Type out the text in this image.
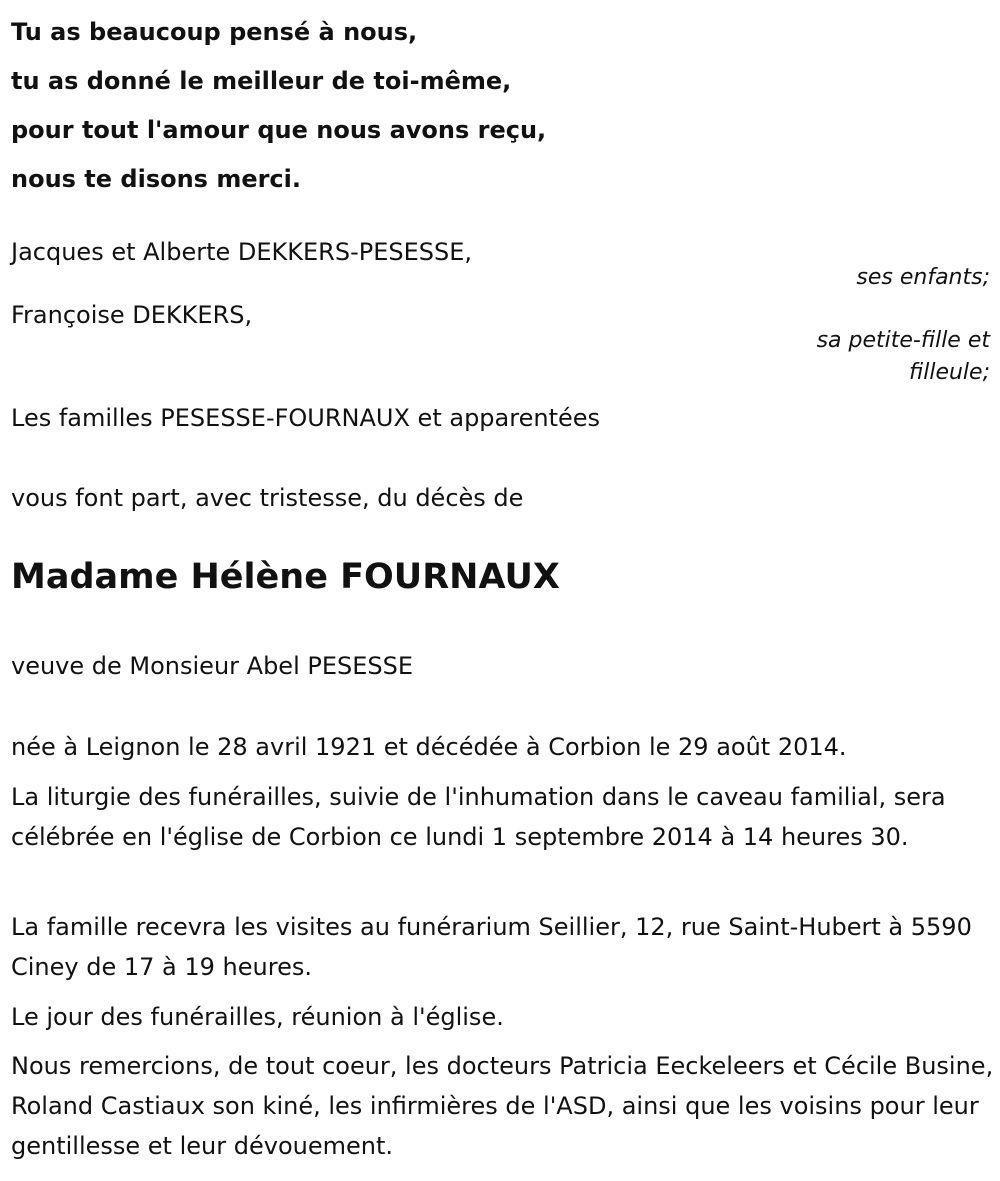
Tu as beaucoup pensé à nous,
tu as donné le meilleur de toi-même,
pour tout l'amour que nous avons reçu,
nous te disons merci.
Jacques et Alberte DEKKERS-PESESSE,
ses enfants;
Françoise DEKKERS,
sa petite-fille et
filleule;
Les familles PESESSE-FOURNAUX et apparentées
vous font part, avec tristesse, du décès de
Madame Hélène FOURNAUX
veuve de Monsieur Abel PESESSE
née à Leignon le 28 avril 1921 et décédée à Corbion le 29 août 2014.
La liturgie des funérailles, suivie de l'inhumation dans le caveau familial, sera célébrée en l'église de Corbion ce lundi 1 septembre 2014 à 14 heures 30.
La famille recevra les visites au funérarium Seillier, 12, rue Saint-Hubert à 5590 Ciney de 17 à 19 heures.
Le jour des funérailles, réunion à l'église.
Nous remercions, de tout coeur, les docteurs Patricia Eeckeleers et Cécile Busine, Roland Castiaux son kiné, les infirmières de l'ASD, ainsi que les voisins pour leur gentillesse et leur dévouement.
